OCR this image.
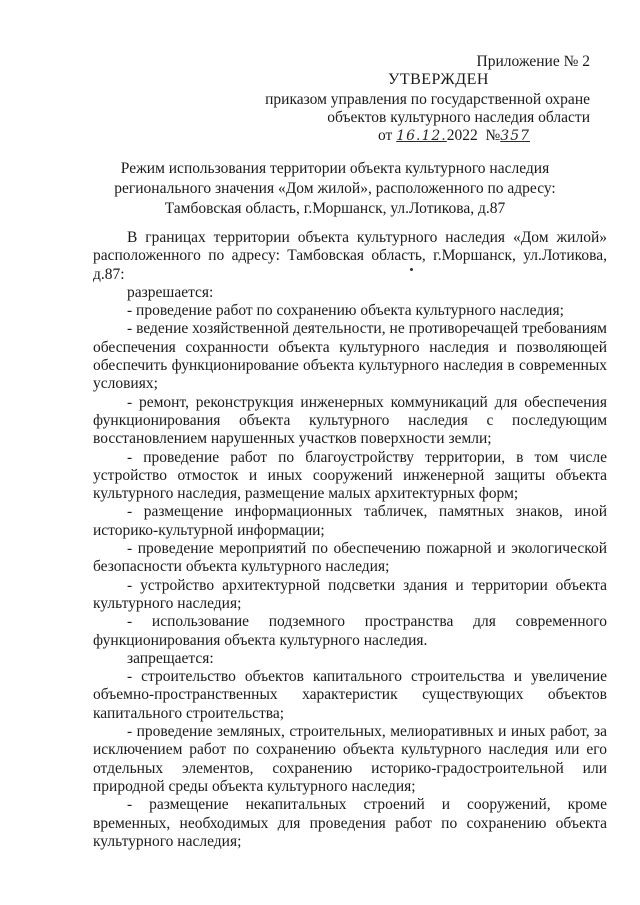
Приложение № 2
УТВЕРЖДЕН
приказом управления по государственной охране
объектов культурного наследия области
от 16.12.2022 №357
Режим использования территории объекта культурного наследия
регионального значения «Дом жилой», расположенного по адресу:
Тамбовская область, г.Моршанск, ул.Лотикова, д.87

В границах территории объекта культурного наследия «Дом жилой» расположенного по адресу: Тамбовская область, г.Моршанск, ул.Лотикова, д.87:

разрешается:

- проведение работ по сохранению объекта культурного наследия;

- ведение хозяйственной деятельности, не противоречащей требованиям обеспечения сохранности объекта культурного наследия и позволяющей обеспечить функционирование объекта культурного наследия в современных условиях;

- ремонт, реконструкция инженерных коммуникаций для обеспечения функционирования объекта культурного наследия с последующим восстановлением нарушенных участков поверхности земли;

- проведение работ по благоустройству территории, в том числе устройство отмосток и иных сооружений инженерной защиты объекта культурного наследия, размещение малых архитектурных форм;

- размещение информационных табличек, памятных знаков, иной историко-культурной информации;

- проведение мероприятий по обеспечению пожарной и экологической безопасности объекта культурного наследия;

- устройство архитектурной подсветки здания и территории объекта культурного наследия;

- использование подземного пространства для современного функционирования объекта культурного наследия.

запрещается:

- строительство объектов капитального строительства и увеличение объемно-пространственных характеристик существующих объектов капитального строительства;

- проведение земляных, строительных, мелиоративных и иных работ, за исключением работ по сохранению объекта культурного наследия или его отдельных элементов, сохранению историко-градостроительной или природной среды объекта культурного наследия;

- размещение некапитальных строений и сооружений, кроме временных, необходимых для проведения работ по сохранению объекта культурного наследия;
